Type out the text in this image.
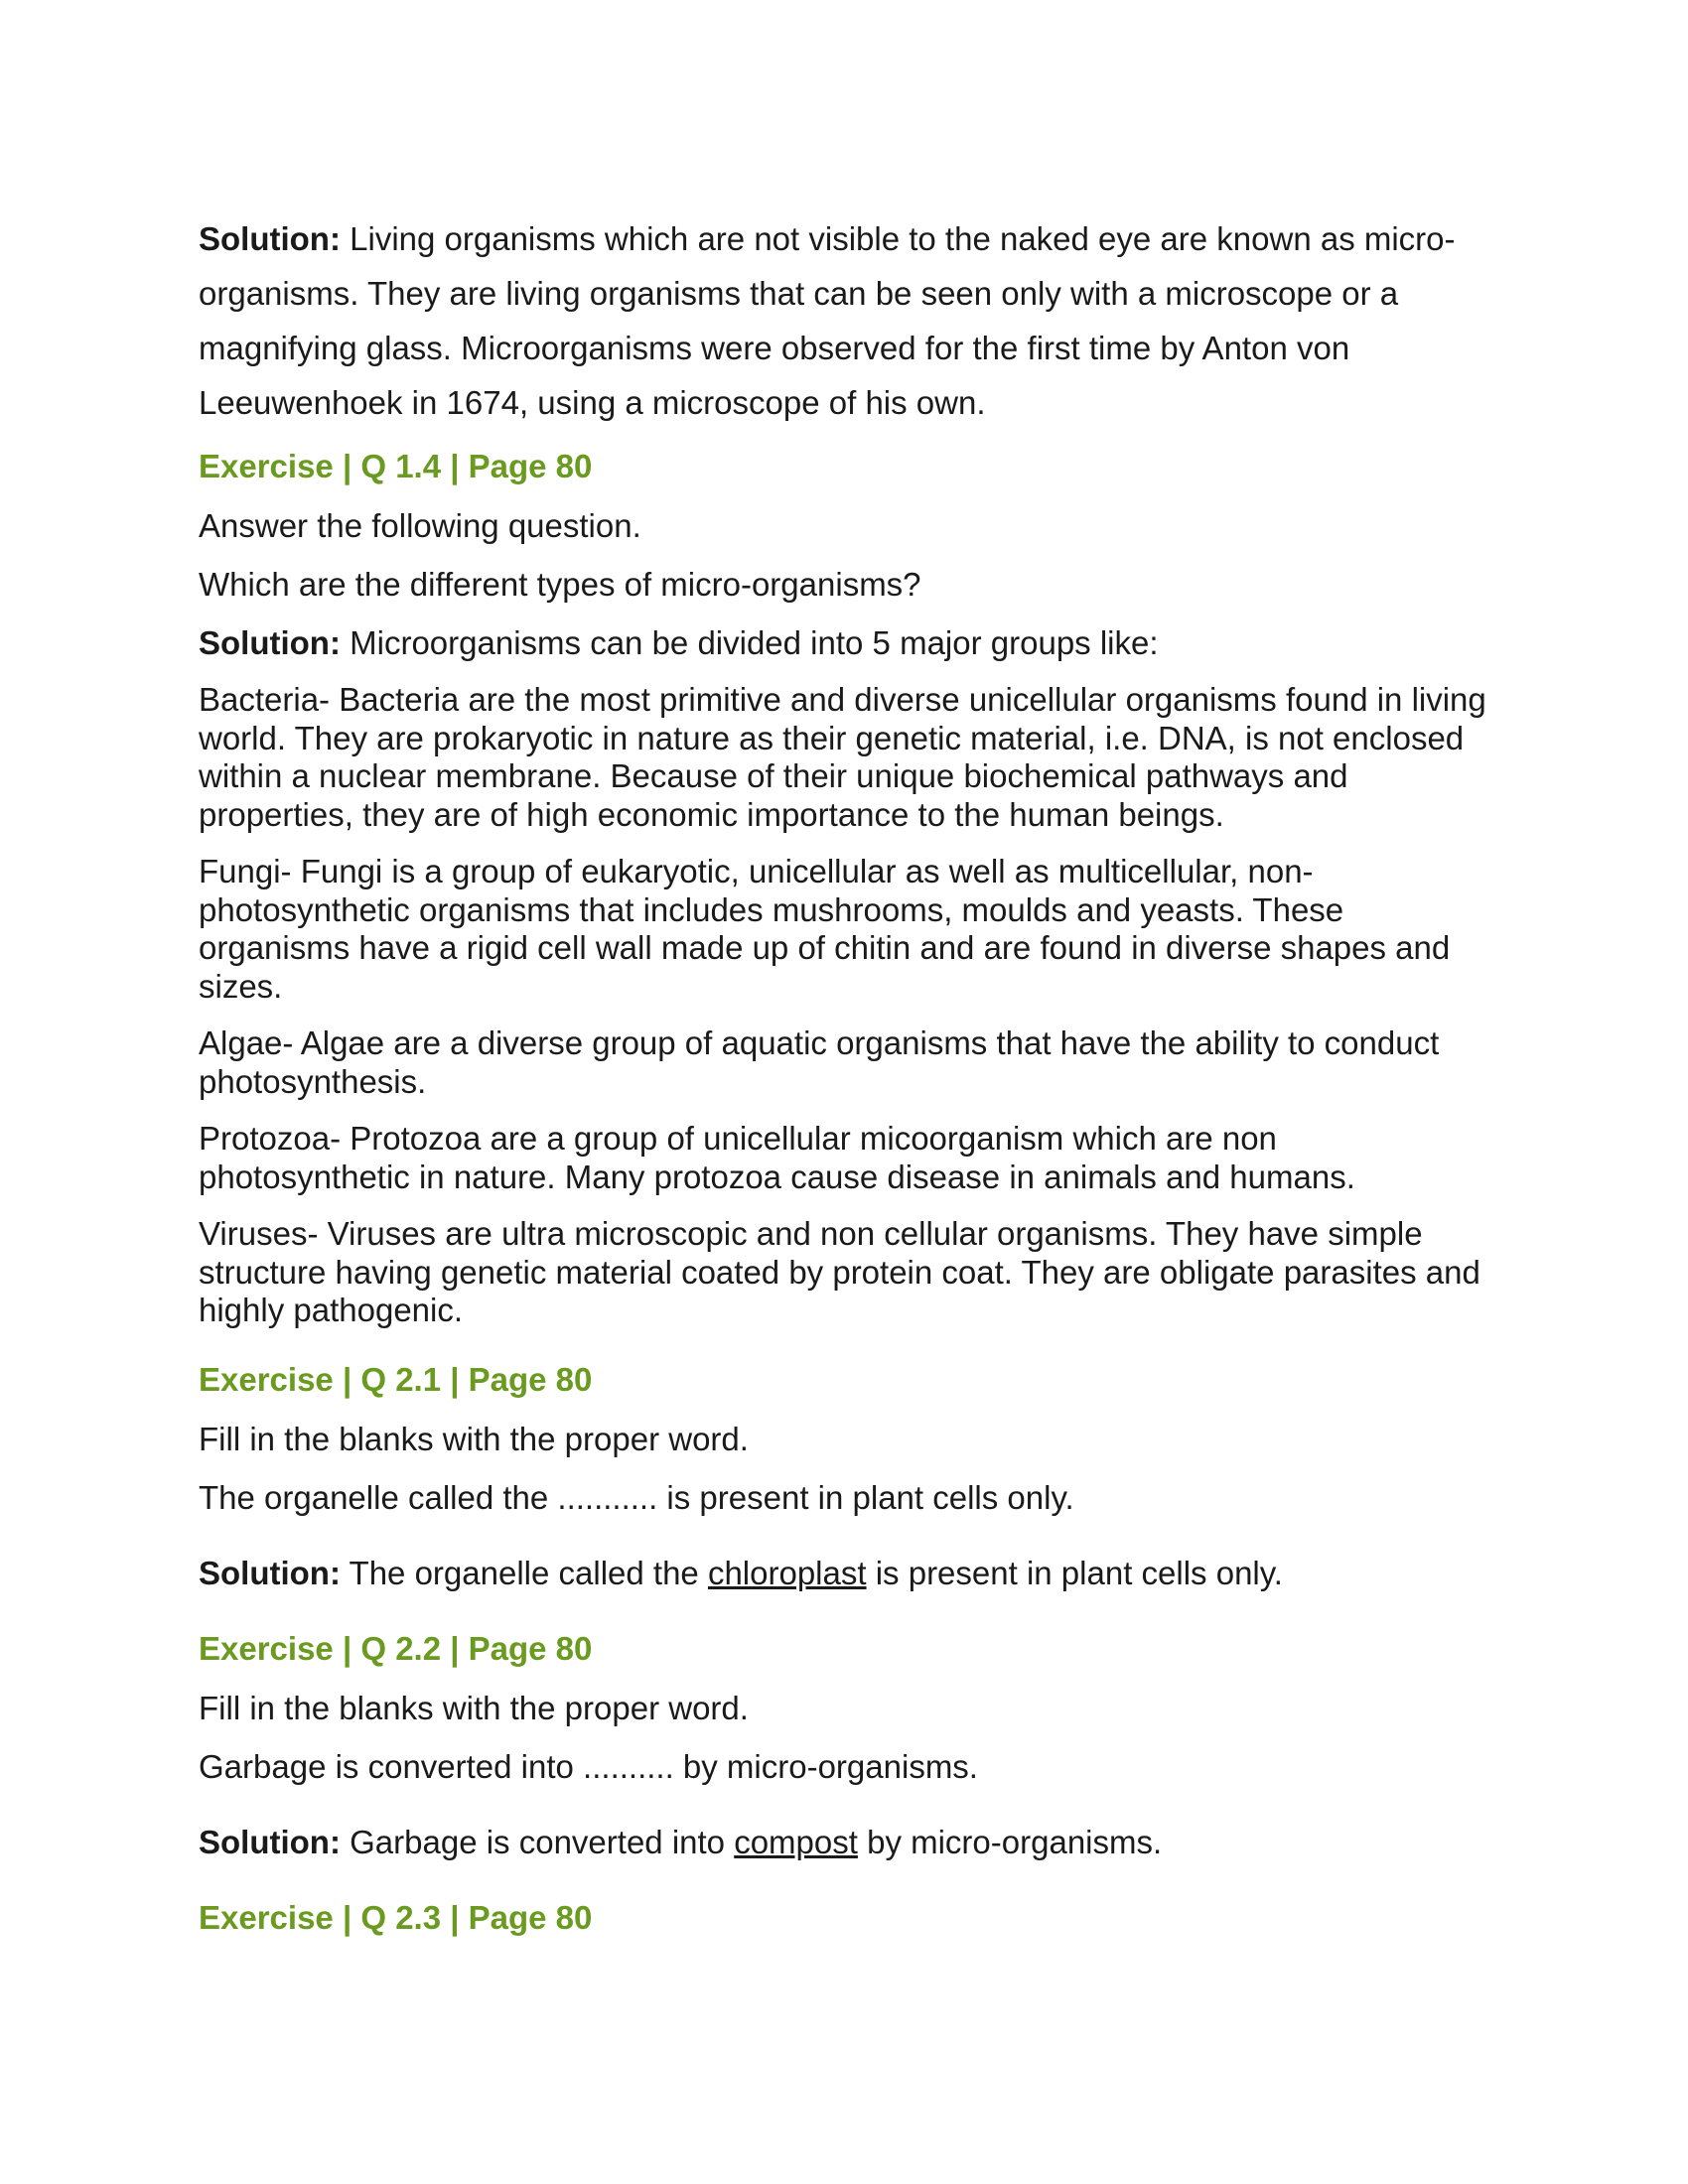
Solution: Living organisms which are not visible to the naked eye are known as micro-organisms. They are living organisms that can be seen only with a microscope or a magnifying glass. Microorganisms were observed for the first time by Anton von Leeuwenhoek in 1674, using a microscope of his own.

Exercise | Q 1.4 | Page 80

Answer the following question.

Which are the different types of micro-organisms?

Solution: Microorganisms can be divided into 5 major groups like:

Bacteria- Bacteria are the most primitive and diverse unicellular organisms found in living world. They are prokaryotic in nature as their genetic material, i.e. DNA, is not enclosed within a nuclear membrane. Because of their unique biochemical pathways and properties, they are of high economic importance to the human beings.

Fungi- Fungi is a group of eukaryotic, unicellular as well as multicellular, non-photosynthetic organisms that includes mushrooms, moulds and yeasts. These organisms have a rigid cell wall made up of chitin and are found in diverse shapes and sizes.

Algae- Algae are a diverse group of aquatic organisms that have the ability to conduct photosynthesis.

Protozoa- Protozoa are a group of unicellular micoorganism which are non photosynthetic in nature. Many protozoa cause disease in animals and humans.

Viruses- Viruses are ultra microscopic and non cellular organisms. They have simple structure having genetic material coated by protein coat. They are obligate parasites and highly pathogenic.

Exercise | Q 2.1 | Page 80

Fill in the blanks with the proper word.

The organelle called the ........... is present in plant cells only.

Solution: The organelle called the chloroplast is present in plant cells only.

Exercise | Q 2.2 | Page 80

Fill in the blanks with the proper word.

Garbage is converted into .......... by micro-organisms.

Solution: Garbage is converted into compost by micro-organisms.

Exercise | Q 2.3 | Page 80
